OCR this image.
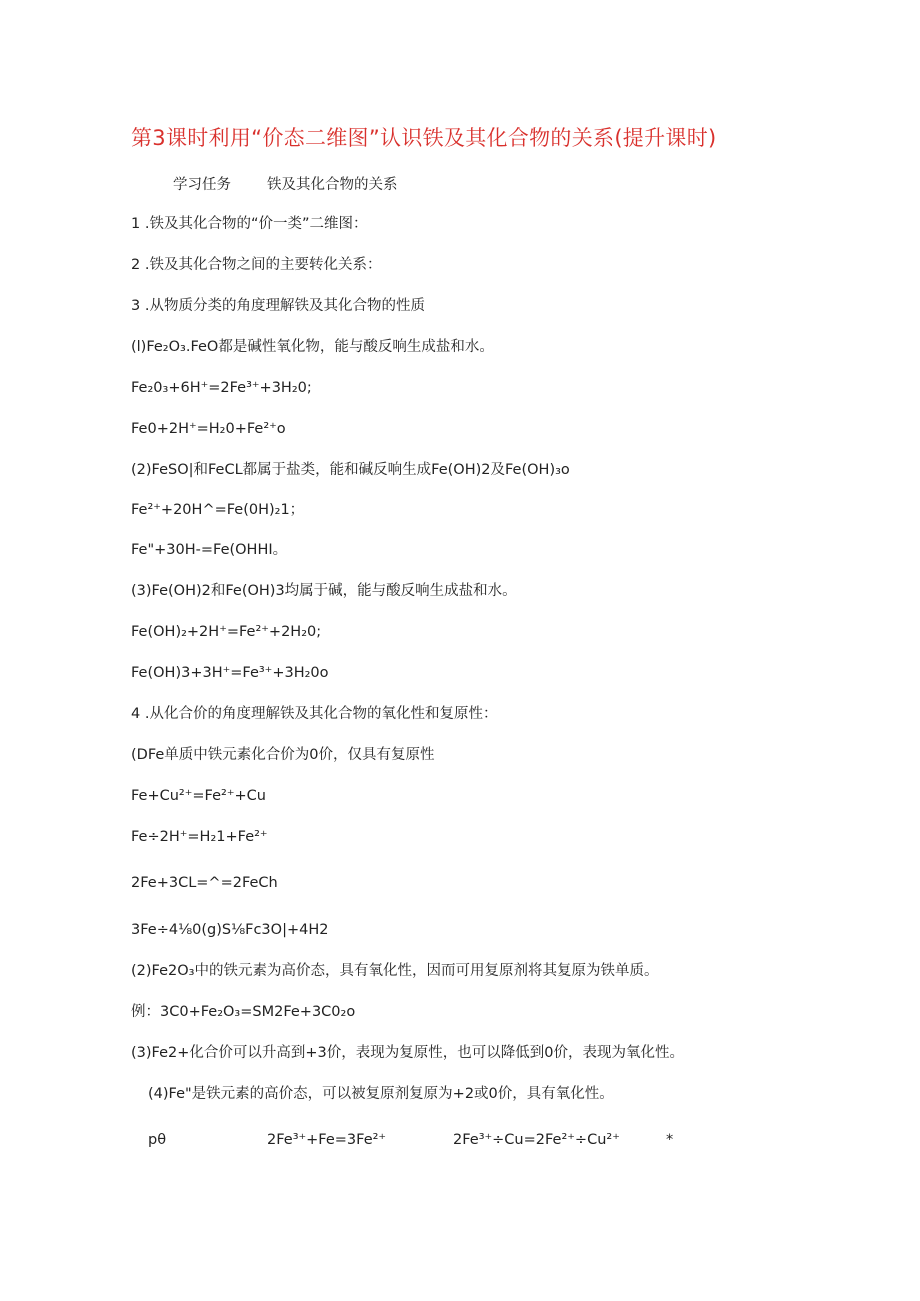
第3课时利用“价态二维图”认识铁及其化合物的关系(提升课时)
学习任务 铁及其化合物的关系
1 .铁及其化合物的“价一类”二维图：
2 .铁及其化合物之间的主要转化关系：
3 .从物质分类的角度理解铁及其化合物的性质
(l)Fe₂O₃.FeO都是碱性氧化物，能与酸反响生成盐和水。
Fe₂0₃+6H⁺=2Fe³⁺+3H₂0;
Fe0+2H⁺=H₂0+Fe²⁺o
(2)FeSO|和FeCL都属于盐类，能和碱反响生成Fe(OH)2及Fe(OH)₃o
Fe²⁺+20H^=Fe(0H)₂1；
Fe"+30H-=Fe(OHHI。
(3)Fe(OH)2和Fe(OH)3均属于碱，能与酸反响生成盐和水。
Fe(OH)₂+2H⁺=Fe²⁺+2H₂0;
Fe(OH)3+3H⁺=Fe³⁺+3H₂0o
4 .从化合价的角度理解铁及其化合物的氧化性和复原性：
(DFe单质中铁元素化合价为0价，仅具有复原性
Fe+Cu²⁺=Fe²⁺+Cu
Fe÷2H⁺=H₂1+Fe²⁺
2Fe+3CL=^=2FeCh
3Fe÷4⅛0(g)S⅛Fc3O|+4H2
(2)Fe2O₃中的铁元素为高价态，具有氧化性，因而可用复原剂将其复原为铁单质。
例：3C0+Fe₂O₃=SM2Fe+3C0₂o
(3)Fe2+化合价可以升高到+3价，表现为复原性，也可以降低到0价，表现为氧化性。
(4)Fe"是铁元素的高价态，可以被复原剂复原为+2或0价，具有氧化性。
pθ	2Fe³⁺+Fe=3Fe²⁺	2Fe³⁺÷Cu=2Fe²⁺÷Cu²⁺	*
